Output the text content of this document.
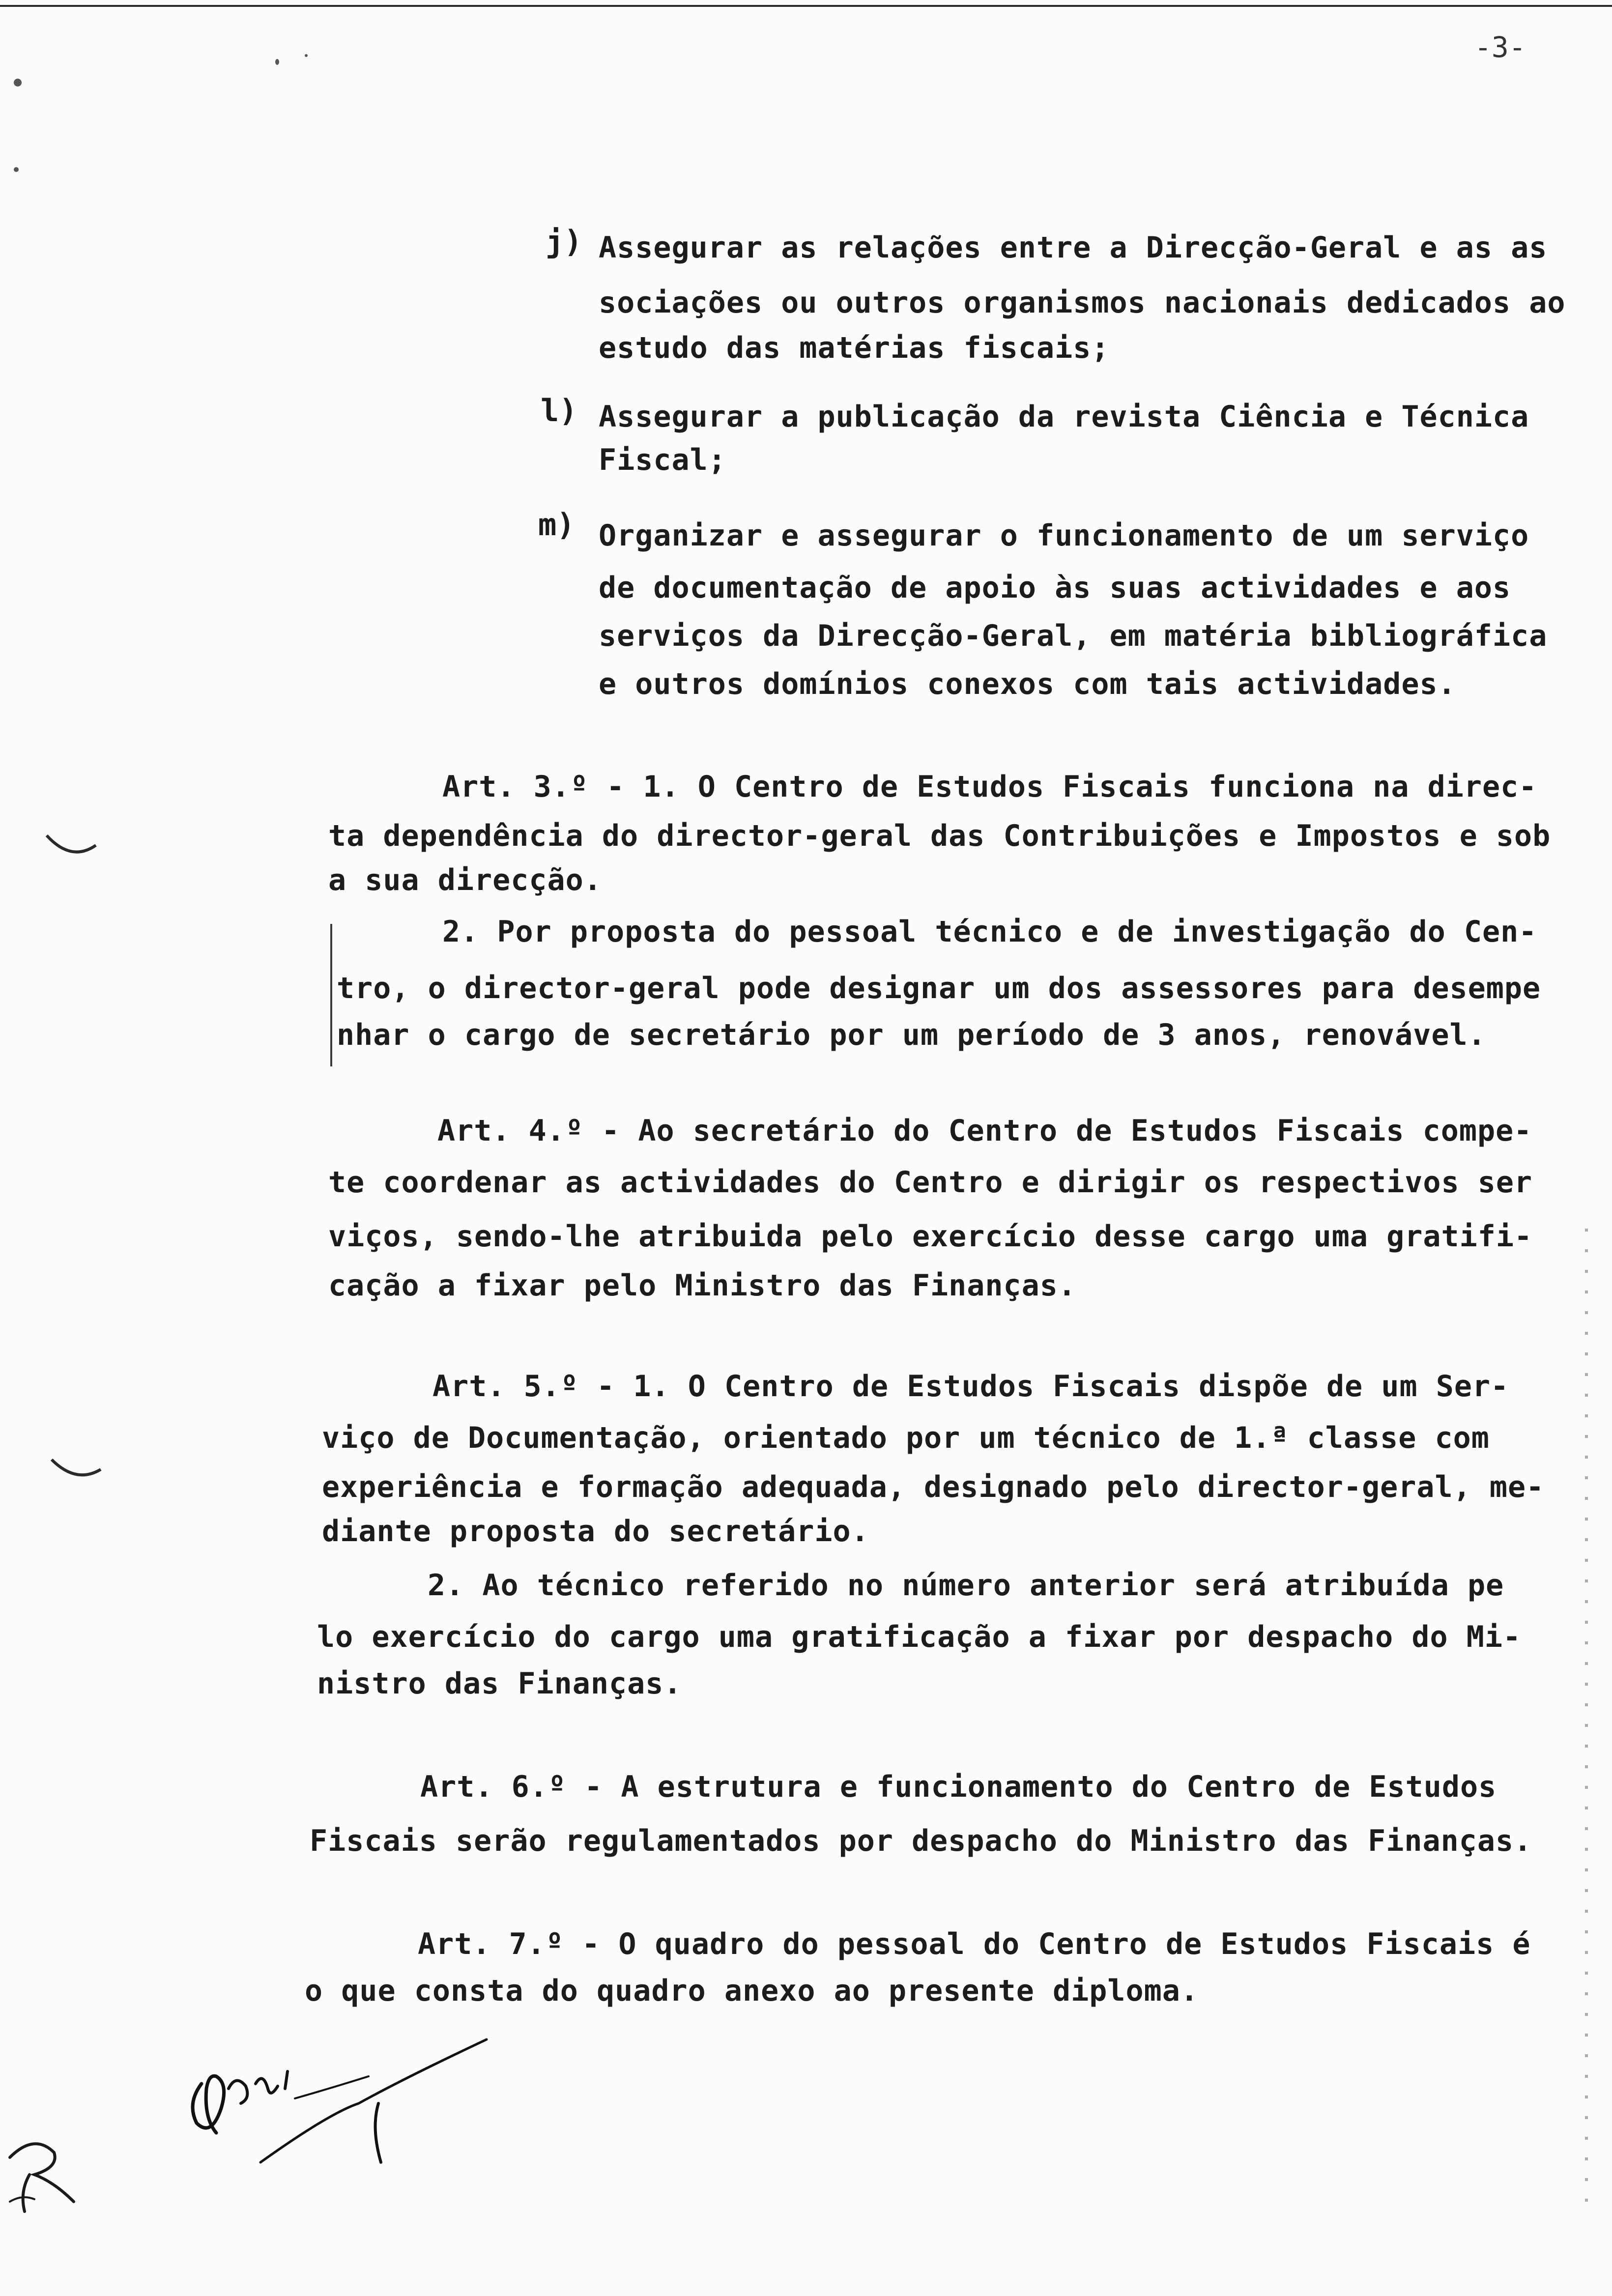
-3-
j) Assegurar as relações entre a Direcção-Geral e as as
sociações ou outros organismos nacionais dedicados ao
estudo das matérias fiscais;
l) Assegurar a publicação da revista Ciência e Técnica
Fiscal;
m) Organizar e assegurar o funcionamento de um serviço
de documentação de apoio às suas actividades e aos
serviços da Direcção-Geral, em matéria bibliográfica
e outros domínios conexos com tais actividades.
Art. 3.º - 1. O Centro de Estudos Fiscais funciona na direc-
ta dependência do director-geral das Contribuições e Impostos e sob
a sua direcção.
2. Por proposta do pessoal técnico e de investigação do Cen-
tro, o director-geral pode designar um dos assessores para desempe
nhar o cargo de secretário por um período de 3 anos, renovável.
Art. 4.º - Ao secretário do Centro de Estudos Fiscais compe-
te coordenar as actividades do Centro e dirigir os respectivos ser
viços, sendo-lhe atribuida pelo exercício desse cargo uma gratifi-
cação a fixar pelo Ministro das Finanças.
Art. 5.º - 1. O Centro de Estudos Fiscais dispõe de um Ser-
viço de Documentação, orientado por um técnico de 1.ª classe com
experiência e formação adequada, designado pelo director-geral, me-
diante proposta do secretário.
2. Ao técnico referido no número anterior será atribuída pe
lo exercício do cargo uma gratificação a fixar por despacho do Mi-
nistro das Finanças.
Art. 6.º - A estrutura e funcionamento do Centro de Estudos
Fiscais serão regulamentados por despacho do Ministro das Finanças.
Art. 7.º - O quadro do pessoal do Centro de Estudos Fiscais é
o que consta do quadro anexo ao presente diploma.
